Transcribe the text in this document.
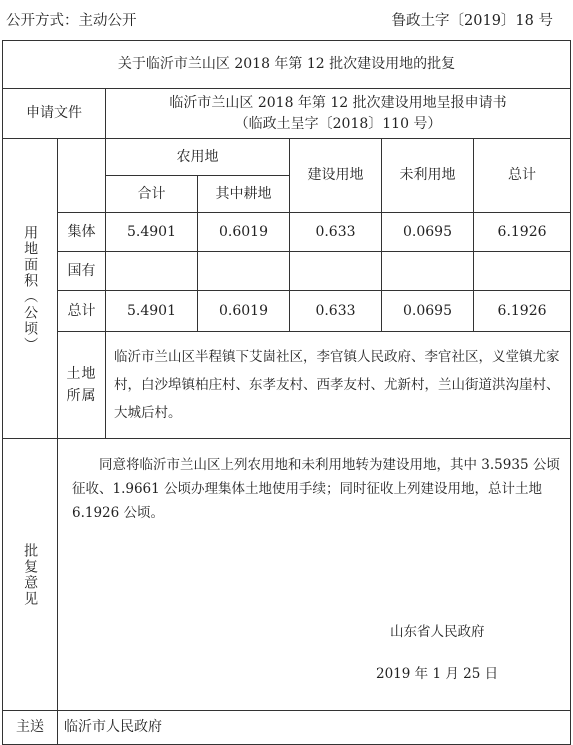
公开方式：主动公开	鲁政土字〔2019〕18 号
关于临沂市兰山区 2018 年第 12 批次建设用地的批复						
申请文件		临沂市兰山区 2018 年第 12 批次建设用地呈报申请书
（临政土呈字〔2018〕110 号）				

用地面积（公顷）		农用地		建设用地	未利用地	总计
		合计	其中耕地			
	集体	5.4901	0.6019	0.633	0.0695	6.1926
	国有					
	总计	5.4901	0.6019	0.633	0.0695	6.1926

	土地所属	临沂市兰山区半程镇下艾崮社区，李官镇人民政府、李官社区，义堂镇尤家村，白沙埠镇柏庄村、东孝友村、西孝友村、尤新村，兰山街道洪沟崖村、大城后村。				

批复意见	同意将临沂市兰山区上列农用地和未利用地转为建设用地，其中 3.5935 公顷征收、1.9661 公顷办理集体土地使用手续；同时征收上列建设用地，总计土地 6.1926 公顷。
山东省人民政府
2019 年 1 月 25 日					

主送	临沂市人民政府					
